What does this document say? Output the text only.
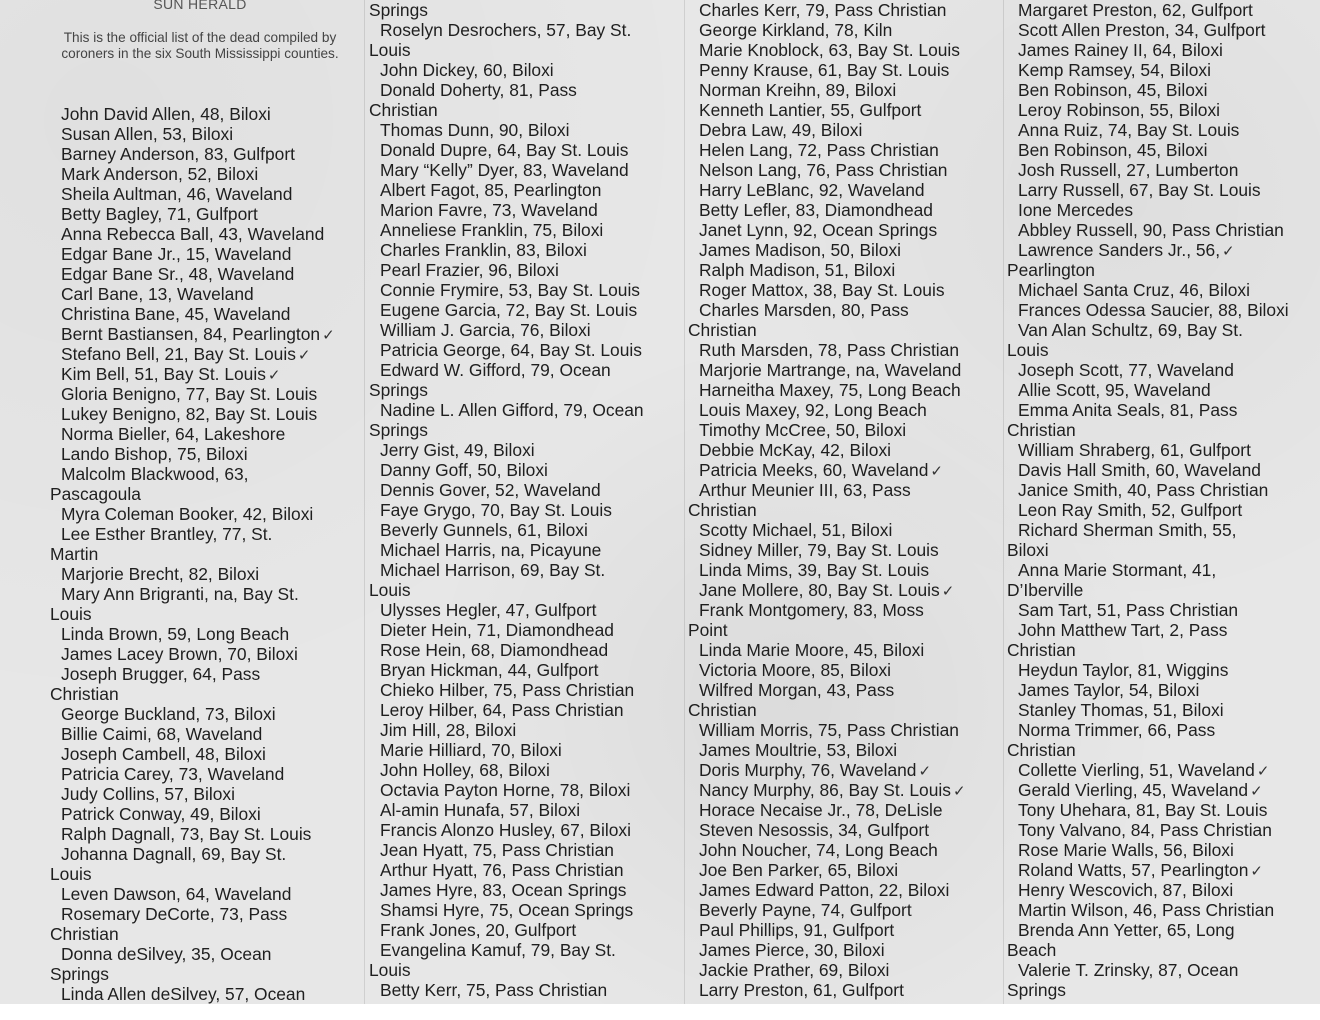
SUN HERALD
This is the official list of the dead compiled by coroners in the six South Mississippi counties.
John David Allen, 48, Biloxi
Susan Allen, 53, Biloxi
Barney Anderson, 83, Gulfport
Mark Anderson, 52, Biloxi
Sheila Aultman, 46, Waveland
Betty Bagley, 71, Gulfport
Anna Rebecca Ball, 43, Waveland
Edgar Bane Jr., 15, Waveland
Edgar Bane Sr., 48, Waveland
Carl Bane, 13, Waveland
Christina Bane, 45, Waveland
Bernt Bastiansen, 84, Pearlington ✓
Stefano Bell, 21, Bay St. Louis ✓
Kim Bell, 51, Bay St. Louis ✓
Gloria Benigno, 77, Bay St. Louis
Lukey Benigno, 82, Bay St. Louis
Norma Bieller, 64, Lakeshore
Lando Bishop, 75, Biloxi
Malcolm Blackwood, 63,
Pascagoula
Myra Coleman Booker, 42, Biloxi
Lee Esther Brantley, 77, St.
Martin
Marjorie Brecht, 82, Biloxi
Mary Ann Brigranti, na, Bay St.
Louis
Linda Brown, 59, Long Beach
James Lacey Brown, 70, Biloxi
Joseph Brugger, 64, Pass
Christian
George Buckland, 73, Biloxi
Billie Caimi, 68, Waveland
Joseph Cambell, 48, Biloxi
Patricia Carey, 73, Waveland
Judy Collins, 57, Biloxi
Patrick Conway, 49, Biloxi
Ralph Dagnall, 73, Bay St. Louis
Johanna Dagnall, 69, Bay St.
Louis
Leven Dawson, 64, Waveland
Rosemary DeCorte, 73, Pass
Christian
Donna deSilvey, 35, Ocean
Springs
Linda Allen deSilvey, 57, Ocean
Springs
Roselyn Desrochers, 57, Bay St.
Louis
John Dickey, 60, Biloxi
Donald Doherty, 81, Pass
Christian
Thomas Dunn, 90, Biloxi
Donald Dupre, 64, Bay St. Louis
Mary “Kelly” Dyer, 83, Waveland
Albert Fagot, 85, Pearlington
Marion Favre, 73, Waveland
Anneliese Franklin, 75, Biloxi
Charles Franklin, 83, Biloxi
Pearl Frazier, 96, Biloxi
Connie Frymire, 53, Bay St. Louis
Eugene Garcia, 72, Bay St. Louis
William J. Garcia, 76, Biloxi
Patricia George, 64, Bay St. Louis
Edward W. Gifford, 79, Ocean
Springs
Nadine L. Allen Gifford, 79, Ocean
Springs
Jerry Gist, 49, Biloxi
Danny Goff, 50, Biloxi
Dennis Gover, 52, Waveland
Faye Grygo, 70, Bay St. Louis
Beverly Gunnels, 61, Biloxi
Michael Harris, na, Picayune
Michael Harrison, 69, Bay St.
Louis
Ulysses Hegler, 47, Gulfport
Dieter Hein, 71, Diamondhead
Rose Hein, 68, Diamondhead
Bryan Hickman, 44, Gulfport
Chieko Hilber, 75, Pass Christian
Leroy Hilber, 64, Pass Christian
Jim Hill, 28, Biloxi
Marie Hilliard, 70, Biloxi
John Holley, 68, Biloxi
Octavia Payton Horne, 78, Biloxi
Al-amin Hunafa, 57, Biloxi
Francis Alonzo Husley, 67, Biloxi
Jean Hyatt, 75, Pass Christian
Arthur Hyatt, 76, Pass Christian
James Hyre, 83, Ocean Springs
Shamsi Hyre, 75, Ocean Springs
Frank Jones, 20, Gulfport
Evangelina Kamuf, 79, Bay St.
Louis
Betty Kerr, 75, Pass Christian
Charles Kerr, 79, Pass Christian
George Kirkland, 78, Kiln
Marie Knoblock, 63, Bay St. Louis
Penny Krause, 61, Bay St. Louis
Norman Kreihn, 89, Biloxi
Kenneth Lantier, 55, Gulfport
Debra Law, 49, Biloxi
Helen Lang, 72, Pass Christian
Nelson Lang, 76, Pass Christian
Harry LeBlanc, 92, Waveland
Betty Lefler, 83, Diamondhead
Janet Lynn, 92, Ocean Springs
James Madison, 50, Biloxi
Ralph Madison, 51, Biloxi
Roger Mattox, 38, Bay St. Louis
Charles Marsden, 80, Pass
Christian
Ruth Marsden, 78, Pass Christian
Marjorie Martrange, na, Waveland
Harneitha Maxey, 75, Long Beach
Louis Maxey, 92, Long Beach
Timothy McCree, 50, Biloxi
Debbie McKay, 42, Biloxi
Patricia Meeks, 60, Waveland ✓
Arthur Meunier III, 63, Pass
Christian
Scotty Michael, 51, Biloxi
Sidney Miller, 79, Bay St. Louis
Linda Mims, 39, Bay St. Louis
Jane Mollere, 80, Bay St. Louis ✓
Frank Montgomery, 83, Moss
Point
Linda Marie Moore, 45, Biloxi
Victoria Moore, 85, Biloxi
Wilfred Morgan, 43, Pass
Christian
William Morris, 75, Pass Christian
James Moultrie, 53, Biloxi
Doris Murphy, 76, Waveland ✓
Nancy Murphy, 86, Bay St. Louis ✓
Horace Necaise Jr., 78, DeLisle
Steven Nesossis, 34, Gulfport
John Noucher, 74, Long Beach
Joe Ben Parker, 65, Biloxi
James Edward Patton, 22, Biloxi
Beverly Payne, 74, Gulfport
Paul Phillips, 91, Gulfport
James Pierce, 30, Biloxi
Jackie Prather, 69, Biloxi
Larry Preston, 61, Gulfport
Margaret Preston, 62, Gulfport
Scott Allen Preston, 34, Gulfport
James Rainey II, 64, Biloxi
Kemp Ramsey, 54, Biloxi
Ben Robinson, 45, Biloxi
Leroy Robinson, 55, Biloxi
Anna Ruiz, 74, Bay St. Louis
Ben Robinson, 45, Biloxi
Josh Russell, 27, Lumberton
Larry Russell, 67, Bay St. Louis
Ione Mercedes
Abbley Russell, 90, Pass Christian
Lawrence Sanders Jr., 56, ✓
Pearlington
Michael Santa Cruz, 46, Biloxi
Frances Odessa Saucier, 88, Biloxi
Van Alan Schultz, 69, Bay St.
Louis
Joseph Scott, 77, Waveland
Allie Scott, 95, Waveland
Emma Anita Seals, 81, Pass
Christian
William Shraberg, 61, Gulfport
Davis Hall Smith, 60, Waveland
Janice Smith, 40, Pass Christian
Leon Ray Smith, 52, Gulfport
Richard Sherman Smith, 55,
Biloxi
Anna Marie Stormant, 41,
D’Iberville
Sam Tart, 51, Pass Christian
John Matthew Tart, 2, Pass
Christian
Heydun Taylor, 81, Wiggins
James Taylor, 54, Biloxi
Stanley Thomas, 51, Biloxi
Norma Trimmer, 66, Pass
Christian
Collette Vierling, 51, Waveland ✓
Gerald Vierling, 45, Waveland ✓
Tony Uhehara, 81, Bay St. Louis
Tony Valvano, 84, Pass Christian
Rose Marie Walls, 56, Biloxi
Roland Watts, 57, Pearlington ✓
Henry Wescovich, 87, Biloxi
Martin Wilson, 46, Pass Christian
Brenda Ann Yetter, 65, Long
Beach
Valerie T. Zrinsky, 87, Ocean
Springs
